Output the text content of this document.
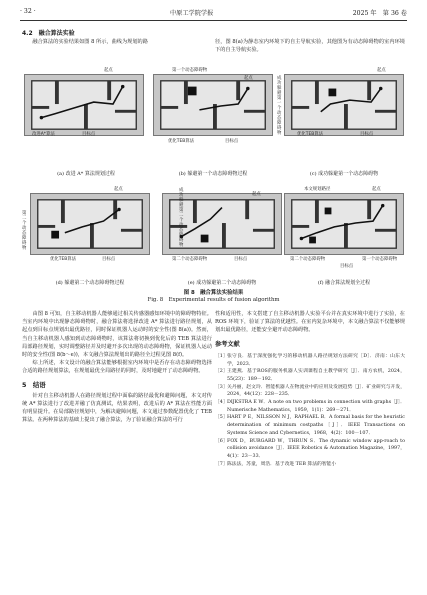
· 32 ·	中原工学院学报	2025 年　第 36 卷
4.2　融合算法实验
　　融合算法的实验结果如图 8 所示，曲线为规划的路	径，图 8(a)为静态室内环境下的自主导航实验，其他图为有动态障碍物的室内环境下的自主导航实验。
起点
改进A*算法	目标点
(a) 改进 A* 算法规划过程
第一个动态障碍物
起点
优化TEB算法	目标点
(b) 躲避第一个动态障碍物过程
成功躲避第一个动态障碍物
起点
优化TEB算法	目标点
(c) 成功躲避第一个动态障碍物
第二个动态障碍物
起点
优化TEB算法	目标点
(d) 躲避第二个动态障碍物过程
成功躲避第二个动态障碍物
起点
第二个动态障碍物	目标点
(e) 成功躲避第二个动态障碍物
本文规划路径	起点
第二个动态障碍物	第一个动态障碍物
目标点
(f) 融合算法规划全过程
图 8　融合算法实验结果
Fig. 8　Experimental results of fusion algorithm
　　由图 8 可知，自主移动机器人能够通过相关传感器感知环境中的障碍物特征。当室内环境中出现静态障碍物时，融合算法将选择改进 A* 算法进行路径规划，从起点到目标点规划出最优路径，同时保证机器人运动时的安全性(图 8(a))。然而，当自主移动机器人感知到动态障碍物时，该算法将切换到优化后的 TEB 算法进行局部路径规划，实时调整路径并及时避开多次出现的动态障碍物，保证机器人运动时的安全性(图 8(b～e))，本文融合算法规划出的路径全过程见图 8(f)。
　　综上所述，本文设计的融合算法能够根据室内环境中是否存在动态障碍物选择合适的路径规划算法，在规划最优全局路径的同时，及时地避开了动态障碍物。
5　结语
　　针对自主移动机器人在路径规划过程中面临的路径最优和避障问题，本文对传统 A* 算法进行了改进并融了仿真测试，结果表明，改进后的 A* 算法在性能方面有明显提升。在局部路径规划中，为解决避障问题，本文通过参数配置优化了 TEB 算法。在两种算法的基础上提出了融合算法，为了验证融合算法的可行
性和适用性，本文搭建了自主移动机器人实验平台并在真实环境中进行了实验，在 ROS 环境下，验证了算法的优越性。在室内复杂环境中，本文融合算法不仅能够规划出最优路径，还能安全避开动态障碍物。
参考文献
［1］ 张守良．基于深度强化学习的移动机器人路径规划方法研究［D］．济南：山东大学，2023．
［2］ 王建燕．基于ROS的服务机器人实训课程自主教学研究［J］．南方农机，2024，55(23)：189－192．
［3］ 关丹丽，赵文玲．智能机器人在物流业中的应用及发展趋势［J］．矿业研究与开发，2024，44(12)：228－235．
［4］ DIJKSTRA E W．A note on two problems in connection with graphs［J］．Numerische Mathematics，1959，1(1)：269－271．
［5］ HART P E，NILSSON N J，RAPHAEL B．A formal basis for the heuristic determination of minimum costpaths［J］．IEEE Transactions on Systems Science and Cybernetics，1968，4(2)：100－107．
［6］ FOX D，BURGARD W，THRUN S．The dynamic window app-roach to collision avoidance［J］．IEEE Robotics & Automation Magazine，1997，4(1)：23－33．
［7］ 陈法法，苏童，周浩．基于改进 TEB 算法的智能小
